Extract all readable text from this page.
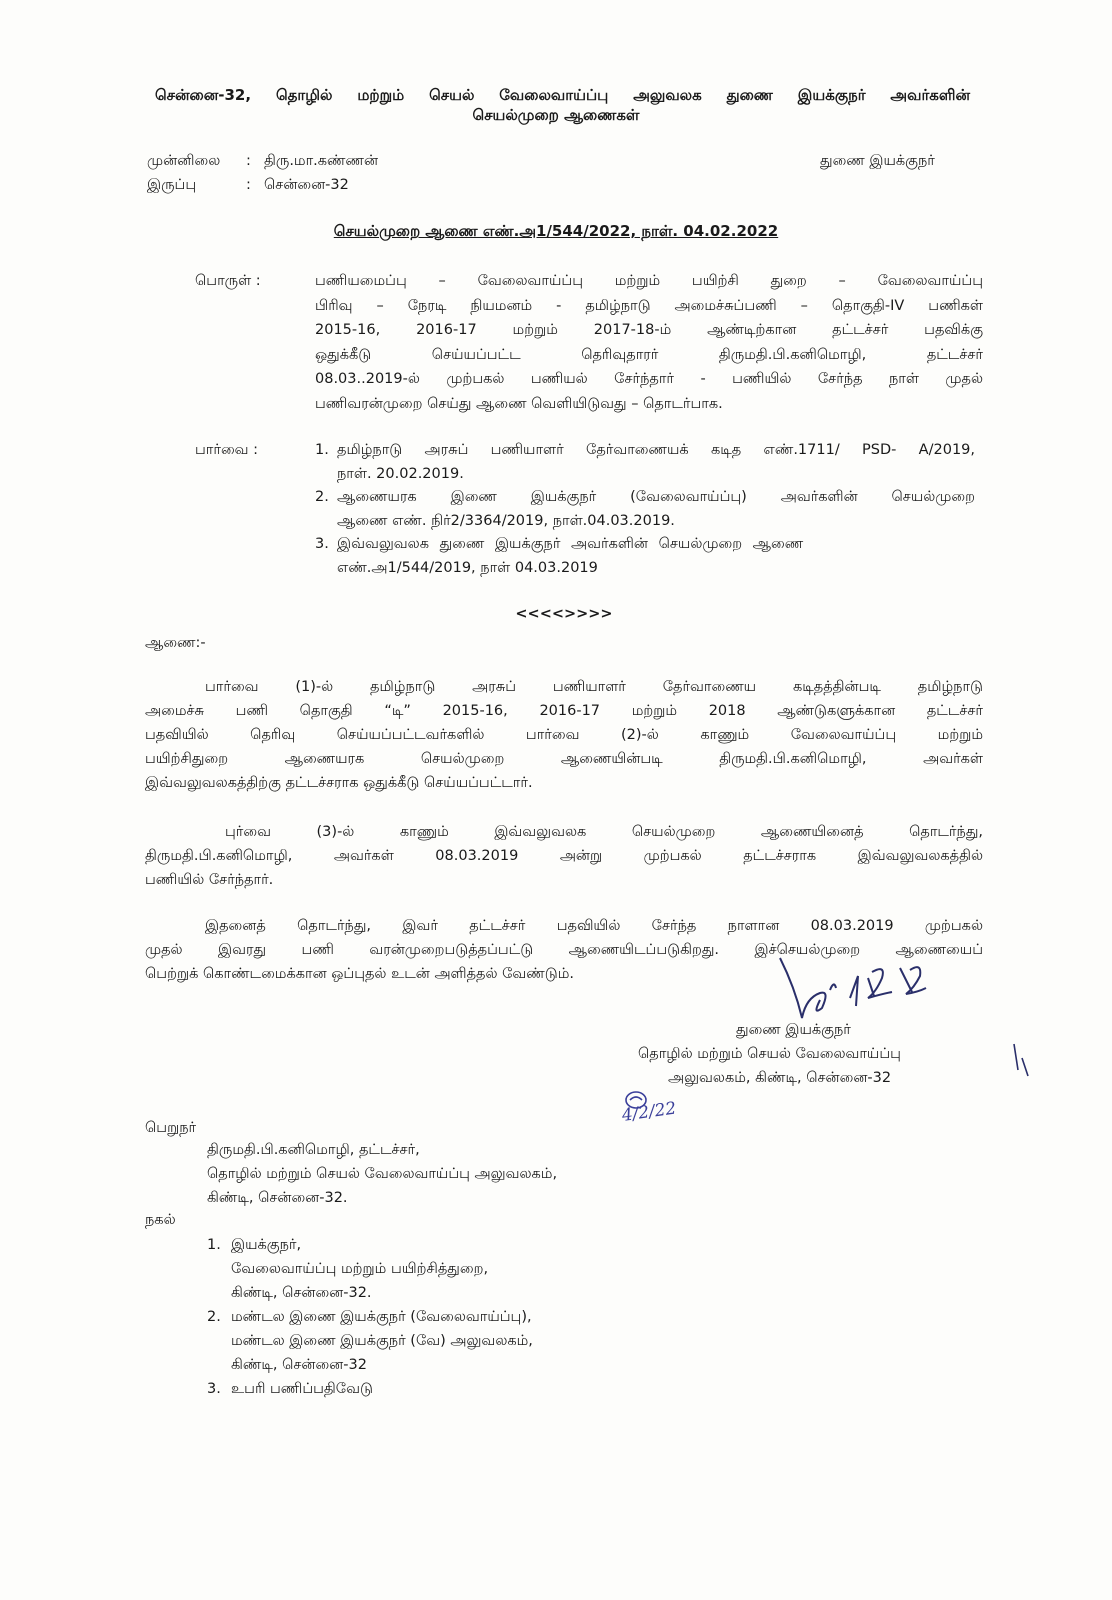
சென்னை-32, தொழில் மற்றும் செயல் வேலைவாய்ப்பு அலுவலக துணை இயக்குநர் அவர்களின்
செயல்முறை ஆணைகள்
முன்னிலை : திரு.மா.கண்ணன்	துணை இயக்குநர்
இருப்பு	: சென்னை-32
செயல்முறை ஆணை எண்.அ1/544/2022, நாள். 04.02.2022
பொருள் :	பணியமைப்பு – வேலைவாய்ப்பு மற்றும் பயிற்சி துறை – வேலைவாய்ப்பு
பிரிவு – நேரடி நியமனம் - தமிழ்நாடு அமைச்சுப்பணி – தொகுதி-IV பணிகள்
2015-16, 2016-17 மற்றும் 2017-18-ம் ஆண்டிற்கான தட்டச்சர் பதவிக்கு
ஒதுக்கீடு செய்யப்பட்ட தெரிவுதாரர் திருமதி.பி.கனிமொழி, தட்டச்சர்
08.03..2019-ல் முற்பகல் பணியல் சேர்ந்தார் - பணியில் சேர்ந்த நாள் முதல்
பணிவரன்முறை செய்து ஆணை வெளியிடுவது – தொடர்பாக.
பார்வை :	1. தமிழ்நாடு அரசுப் பணியாளர் தேர்வாணையக் கடித எண்.1711/ PSD- A/2019,
நாள். 20.02.2019.
2. ஆணையரக இணை இயக்குநர் (வேலைவாய்ப்பு) அவர்களின் செயல்முறை
ஆணை எண். நிர்2/3364/2019, நாள்.04.03.2019.
3. இவ்வலுவலக துணை இயக்குநர் அவர்களின் செயல்முறை ஆணை
எண்.அ1/544/2019, நாள் 04.03.2019
<<<<>>>>
ஆணை:-
பார்வை (1)-ல் தமிழ்நாடு அரசுப் பணியாளர் தேர்வாணைய கடிதத்தின்படி தமிழ்நாடு
அமைச்சு பணி தொகுதி “டி” 2015-16, 2016-17 மற்றும் 2018 ஆண்டுகளுக்கான தட்டச்சர்
பதவியில் தெரிவு செய்யப்பட்டவர்களில் பார்வை (2)-ல் காணும் வேலைவாய்ப்பு மற்றும்
பயிற்சிதுறை ஆணையரக செயல்முறை ஆணையின்படி திருமதி.பி.கனிமொழி, அவர்கள்
இவ்வலுவலகத்திற்கு தட்டச்சராக ஒதுக்கீடு செய்யப்பட்டார்.
புர்வை (3)-ல் காணும் இவ்வலுவலக செயல்முறை ஆணையினைத் தொடர்ந்து,
திருமதி.பி.கனிமொழி, அவர்கள் 08.03.2019 அன்று முற்பகல் தட்டச்சராக இவ்வலுவலகத்தில்
பணியில் சேர்ந்தார்.
இதனைத் தொடர்ந்து, இவர் தட்டச்சர் பதவியில் சேர்ந்த நாளான 08.03.2019 முற்பகல்
முதல் இவரது பணி வரன்முறைபடுத்தப்பட்டு ஆணையிடப்படுகிறது. இச்செயல்முறை ஆணையைப்
பெற்றுக் கொண்டமைக்கான ஒப்புதல் உடன் அளித்தல் வேண்டும்.
துணை இயக்குநர்
தொழில் மற்றும் செயல் வேலைவாய்ப்பு
அலுவலகம், கிண்டி, சென்னை-32
4/2/22
பெறுநர்
திருமதி.பி.கனிமொழி, தட்டச்சர்,
தொழில் மற்றும் செயல் வேலைவாய்ப்பு அலுவலகம்,
கிண்டி, சென்னை-32.
நகல்
1. இயக்குநர்,
வேலைவாய்ப்பு மற்றும் பயிற்சித்துறை,
கிண்டி, சென்னை-32.
2. மண்டல இணை இயக்குநர் (வேலைவாய்ப்பு),
மண்டல இணை இயக்குநர் (வே) அலுவலகம்,
கிண்டி, சென்னை-32
3. உபரி பணிப்பதிவேடு
